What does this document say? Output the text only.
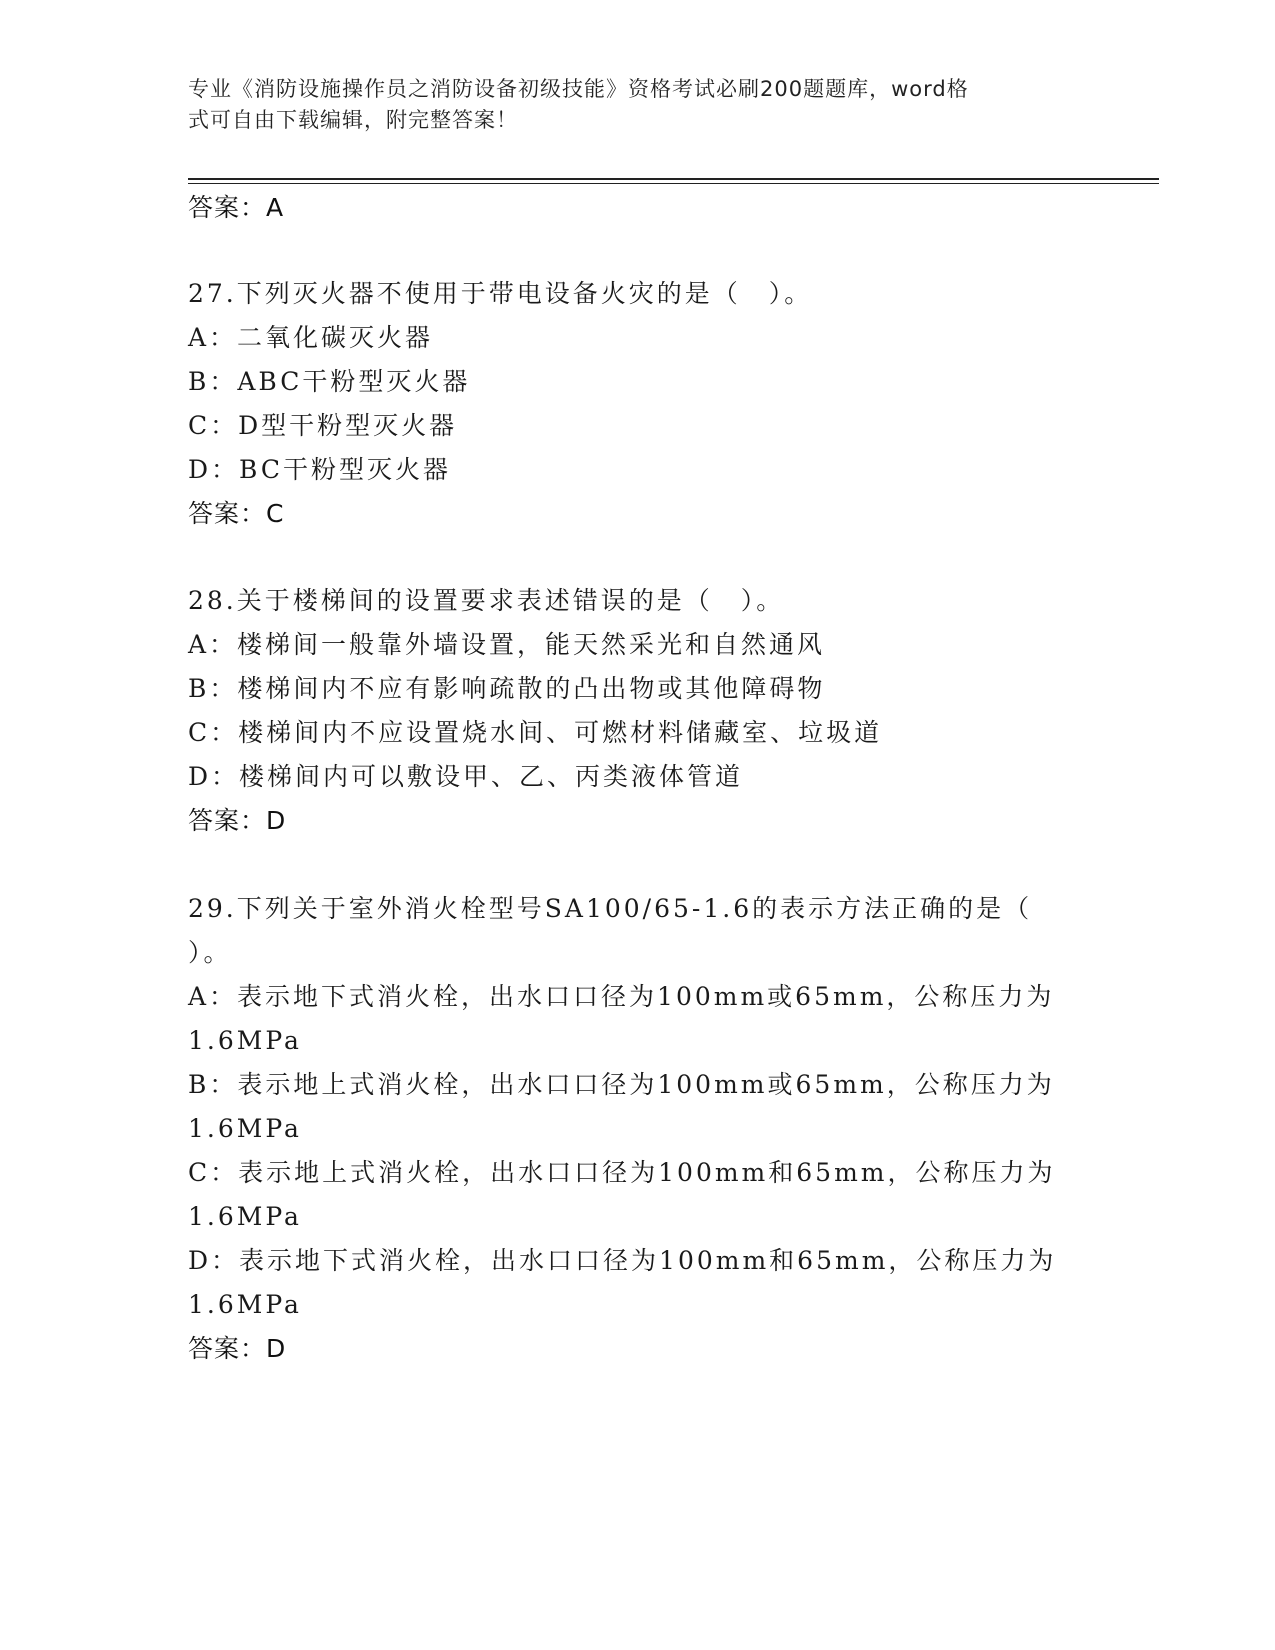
专业《消防设施操作员之消防设备初级技能》资格考试必刷200题题库，word格
式可自由下载编辑，附完整答案！
答案：A
27.下列灭火器不使用于带电设备火灾的是（　）。
A：二氧化碳灭火器
B：ABC干粉型灭火器
C：D型干粉型灭火器
D：BC干粉型灭火器
答案：C
28.关于楼梯间的设置要求表述错误的是（　）。
A：楼梯间一般靠外墙设置，能天然采光和自然通风
B：楼梯间内不应有影响疏散的凸出物或其他障碍物
C：楼梯间内不应设置烧水间、可燃材料储藏室、垃圾道
D：楼梯间内可以敷设甲、乙、丙类液体管道
答案：D
29.下列关于室外消火栓型号SA100/65-1.6的表示方法正确的是（
）。
A：表示地下式消火栓，出水口口径为100mm或65mm，公称压力为
1.6MPa
B：表示地上式消火栓，出水口口径为100mm或65mm，公称压力为
1.6MPa
C：表示地上式消火栓，出水口口径为100mm和65mm，公称压力为
1.6MPa
D：表示地下式消火栓，出水口口径为100mm和65mm，公称压力为
1.6MPa
答案：D
